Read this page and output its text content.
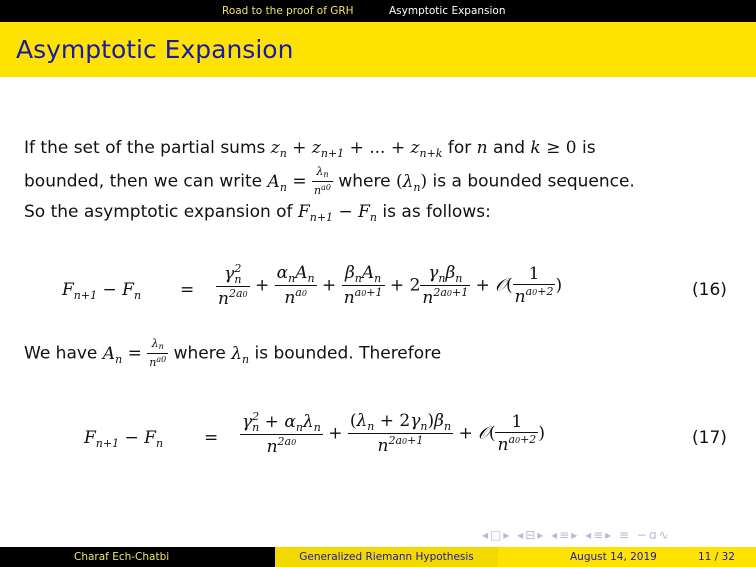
Road to the proof of GRH	Asymptotic Expansion
Asymptotic Expansion
If the set of the partial sums $z_n + z_{n+1}$ + ... + $z_{n+k}$ for n and k ≥ 0 is
bounded, then we can write $A_n = \frac{\lambda n}{n^{a0}}$ where $(\lambda_n)$ is a bounded sequence.
So the asymptotic expansion of $F_{n+1} - F_n$ is as follows:
$F_{n+1} - F_n = \frac{\gamma^2_n}{n^{2a0}} + \frac{\alpha_nA_n}{n^{a0}} + \frac{\beta_nA_n}{n^{a0+1}} + 2 \frac{\gamma_n\beta_n}{n^{2a0+1}}$ + 𝒪( $\frac{1}{n^{a0+2}}$ )	(16)
We have $A_n = \frac{\lambda n}{n^{a0}}$ where $\lambda_n$ is bounded. Therefore
$F_{n+1} - F_n = \frac{\gamma^2_n + \alpha_n\lambda_n}{n^{2a0}} + \frac{(\lambda_n + 2\gamma_n)\beta_n}{n^{2a0+1}}$ + 𝒪( $\frac{1}{n^{a0+2}}$ )	(17)
◂□▸ ◂⊟▸ ◂≡▸ ◂≡▸ ≡ ∽ɑ∿
Charaf Ech-Chatbi	Generalized Riemann Hypothesis	August 14, 2019	11 / 32
